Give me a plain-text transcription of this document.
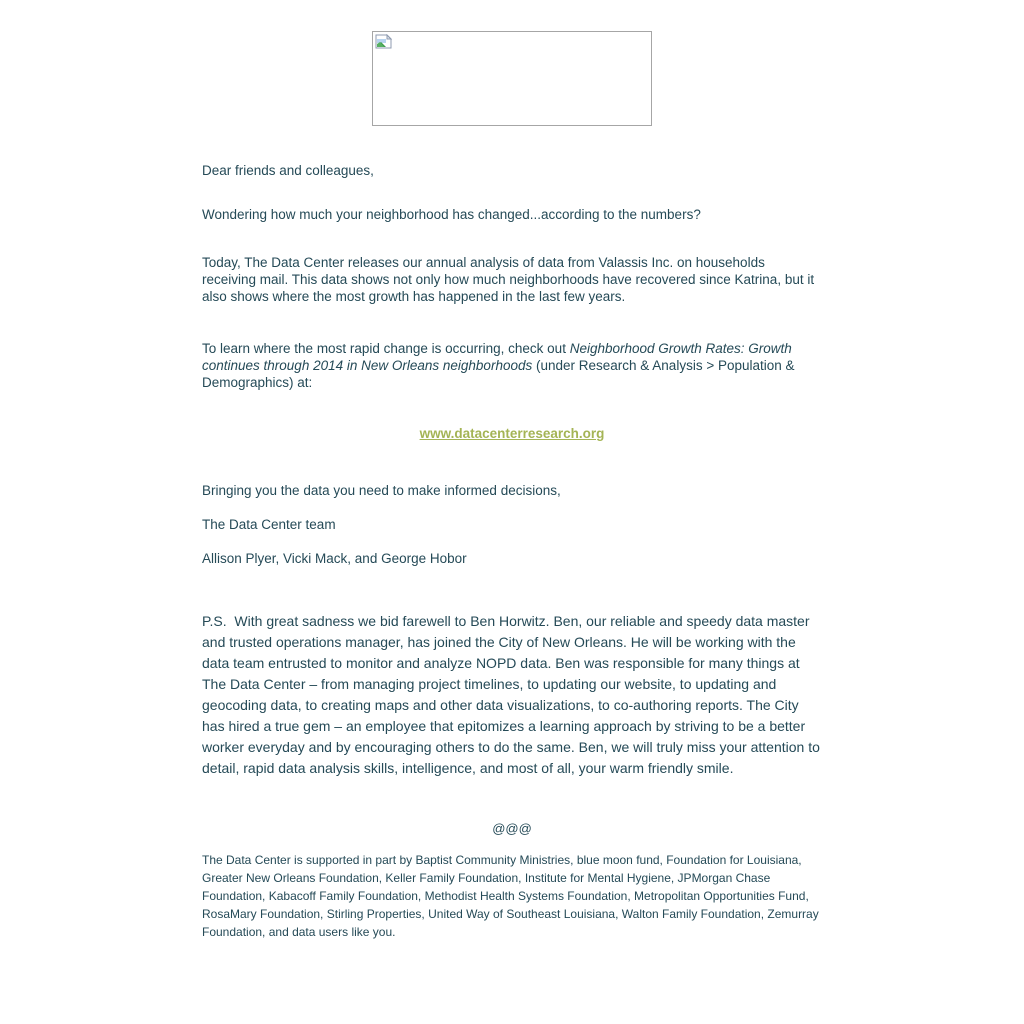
Dear friends and colleagues,

Wondering how much your neighborhood has changed...according to the numbers?

Today, The Data Center releases our annual analysis of data from Valassis Inc. on households receiving mail. This data shows not only how much neighborhoods have recovered since Katrina, but it also shows where the most growth has happened in the last few years.

To learn where the most rapid change is occurring, check out Neighborhood Growth Rates: Growth continues through 2014 in New Orleans neighborhoods (under Research & Analysis > Population & Demographics) at:

www.datacenterresearch.org

Bringing you the data you need to make informed decisions,

The Data Center team

Allison Plyer, Vicki Mack, and George Hobor

P.S.  With great sadness we bid farewell to Ben Horwitz. Ben, our reliable and speedy data master and trusted operations manager, has joined the City of New Orleans. He will be working with the data team entrusted to monitor and analyze NOPD data. Ben was responsible for many things at The Data Center – from managing project timelines, to updating our website, to updating and geocoding data, to creating maps and other data visualizations, to co-authoring reports. The City has hired a true gem – an employee that epitomizes a learning approach by striving to be a better worker everyday and by encouraging others to do the same. Ben, we will truly miss your attention to detail, rapid data analysis skills, intelligence, and most of all, your warm friendly smile.

@@@

The Data Center is supported in part by Baptist Community Ministries, blue moon fund, Foundation for Louisiana, Greater New Orleans Foundation, Keller Family Foundation, Institute for Mental Hygiene, JPMorgan Chase Foundation, Kabacoff Family Foundation, Methodist Health Systems Foundation, Metropolitan Opportunities Fund, RosaMary Foundation, Stirling Properties, United Way of Southeast Louisiana, Walton Family Foundation, Zemurray Foundation, and data users like you.
